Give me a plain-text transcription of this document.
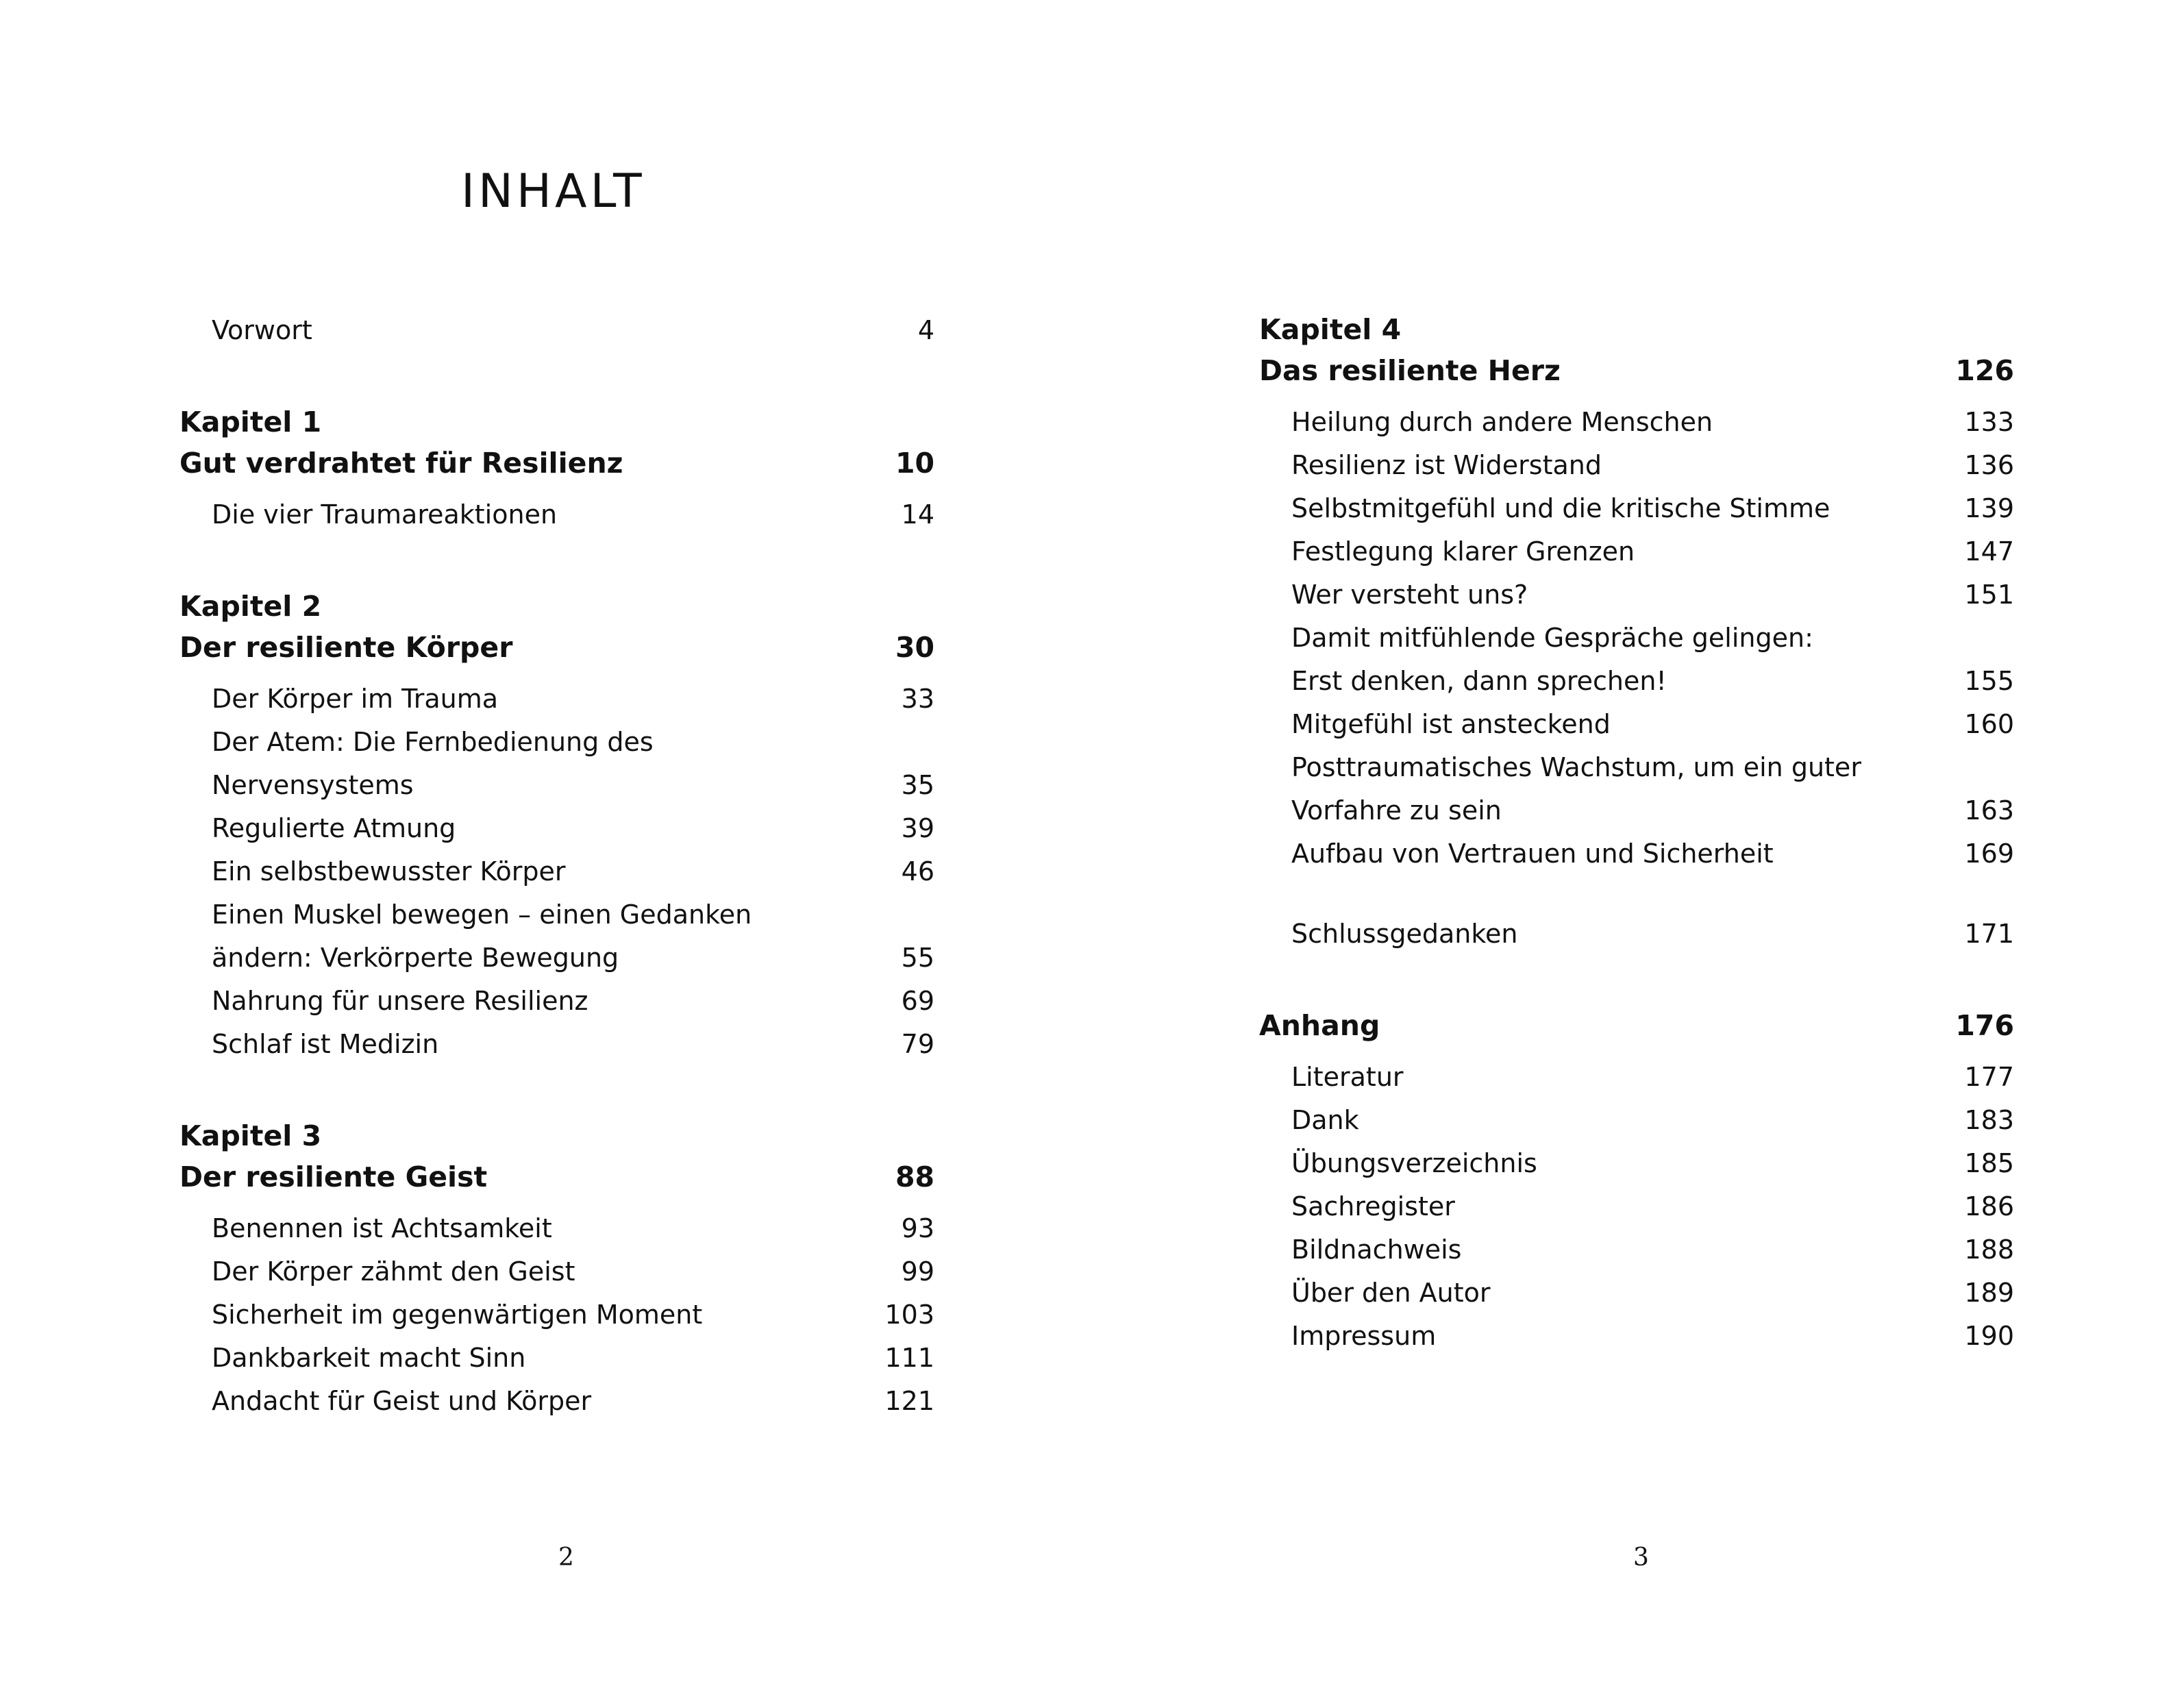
INHALT
Vorwort	4
Kapitel 1
Gut verdrahtet für Resilienz	10
Die vier Traumareaktionen	14
Kapitel 2
Der resiliente Körper	30
Der Körper im Trauma	33
Der Atem: Die Fernbedienung des Nervensystems	35
Regulierte Atmung	39
Ein selbstbewusster Körper	46
Einen Muskel bewegen – einen Gedanken
ändern: Verkörperte Bewegung	55
Nahrung für unsere Resilienz	69
Schlaf ist Medizin	79
Kapitel 3
Der resiliente Geist	88
Benennen ist Achtsamkeit	93
Der Körper zähmt den Geist	99
Sicherheit im gegenwärtigen Moment	103
Dankbarkeit macht Sinn	111
Andacht für Geist und Körper	121
2
Kapitel 4
Das resiliente Herz	126
Heilung durch andere Menschen	133
Resilienz ist Widerstand	136
Selbstmitgefühl und die kritische Stimme	139
Festlegung klarer Grenzen	147
Wer versteht uns?	151
Damit mitfühlende Gespräche gelingen:
Erst denken, dann sprechen!	155
Mitgefühl ist ansteckend	160
Posttraumatisches Wachstum, um ein guter
Vorfahre zu sein	163
Aufbau von Vertrauen und Sicherheit	169
Schlussgedanken	171
Anhang	176
Literatur	177
Dank	183
Übungsverzeichnis	185
Sachregister	186
Bildnachweis	188
Über den Autor	189
Impressum	190
3
